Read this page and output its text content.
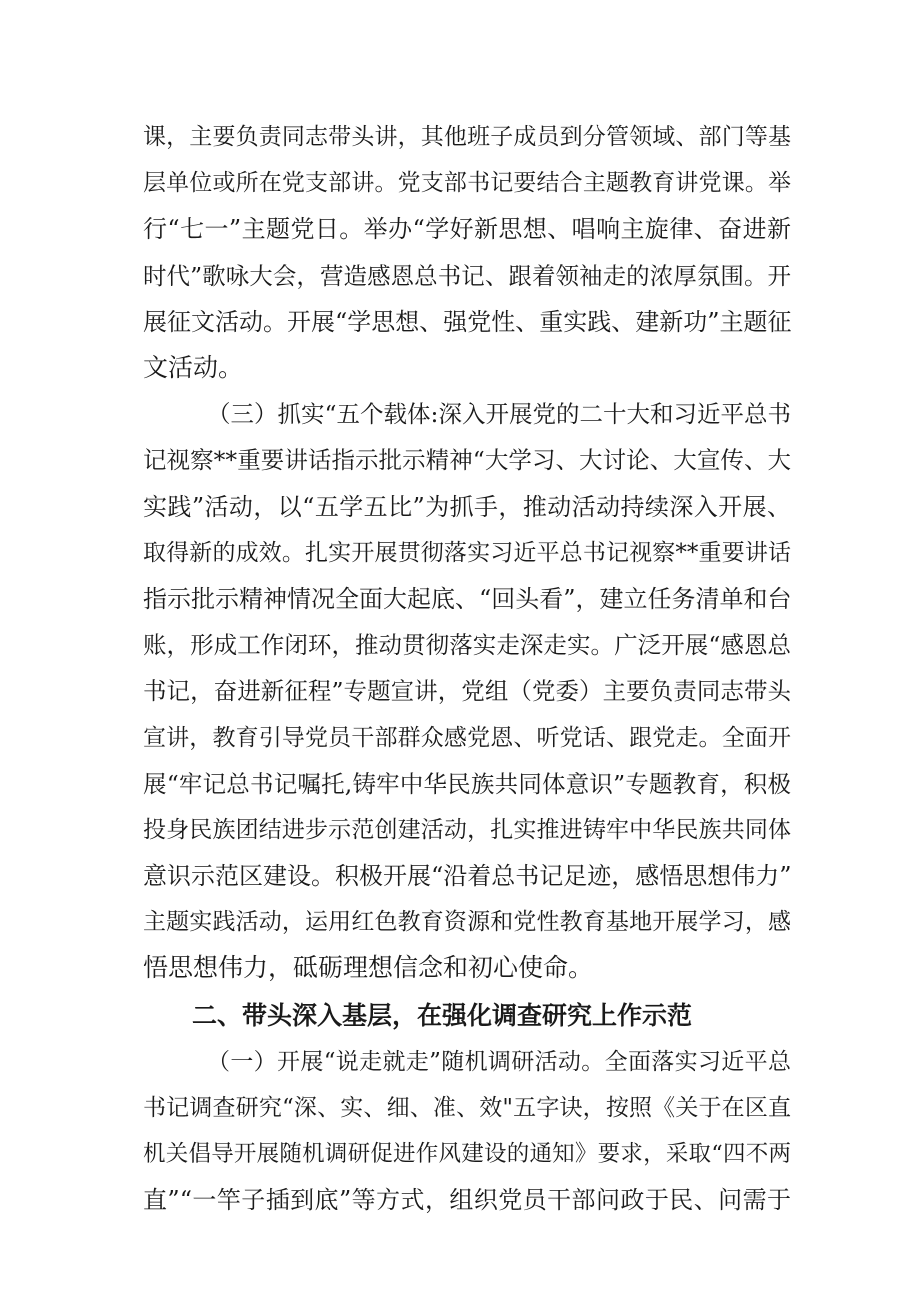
课，主要负责同志带头讲，其他班子成员到分管领域、部门等基
层单位或所在党支部讲。党支部书记要结合主题教育讲党课。举
行“七一”主题党日。举办“学好新思想、唱响主旋律、奋进新
时代”歌咏大会，营造感恩总书记、跟着领袖走的浓厚氛围。开
展征文活动。开展“学思想、强党性、重实践、建新功”主题征
文活动。
（三）抓实“五个载体:深入开展党的二十大和习近平总书
记视察**重要讲话指示批示精神“大学习、大讨论、大宣传、大
实践”活动，以“五学五比”为抓手，推动活动持续深入开展、
取得新的成效。扎实开展贯彻落实习近平总书记视察**重要讲话
指示批示精神情况全面大起底、“回头看”，建立任务清单和台
账，形成工作闭环，推动贯彻落实走深走实。广泛开展“感恩总
书记，奋进新征程”专题宣讲，党组（党委）主要负责同志带头
宣讲，教育引导党员干部群众感党恩、听党话、跟党走。全面开
展“牢记总书记嘱托,铸牢中华民族共同体意识”专题教育，积极
投身民族团结进步示范创建活动，扎实推进铸牢中华民族共同体
意识示范区建设。积极开展“沿着总书记足迹，感悟思想伟力”
主题实践活动，运用红色教育资源和党性教育基地开展学习，感
悟思想伟力，砥砺理想信念和初心使命。
二、带头深入基层，在强化调查研究上作示范
（一）开展“说走就走”随机调研活动。全面落实习近平总
书记调查研究“深、实、细、准、效"五字诀，按照《关于在区直
机关倡导开展随机调研促进作风建设的通知》要求，采取“四不两
直”“一竿子插到底”等方式，组织党员干部问政于民、问需于
